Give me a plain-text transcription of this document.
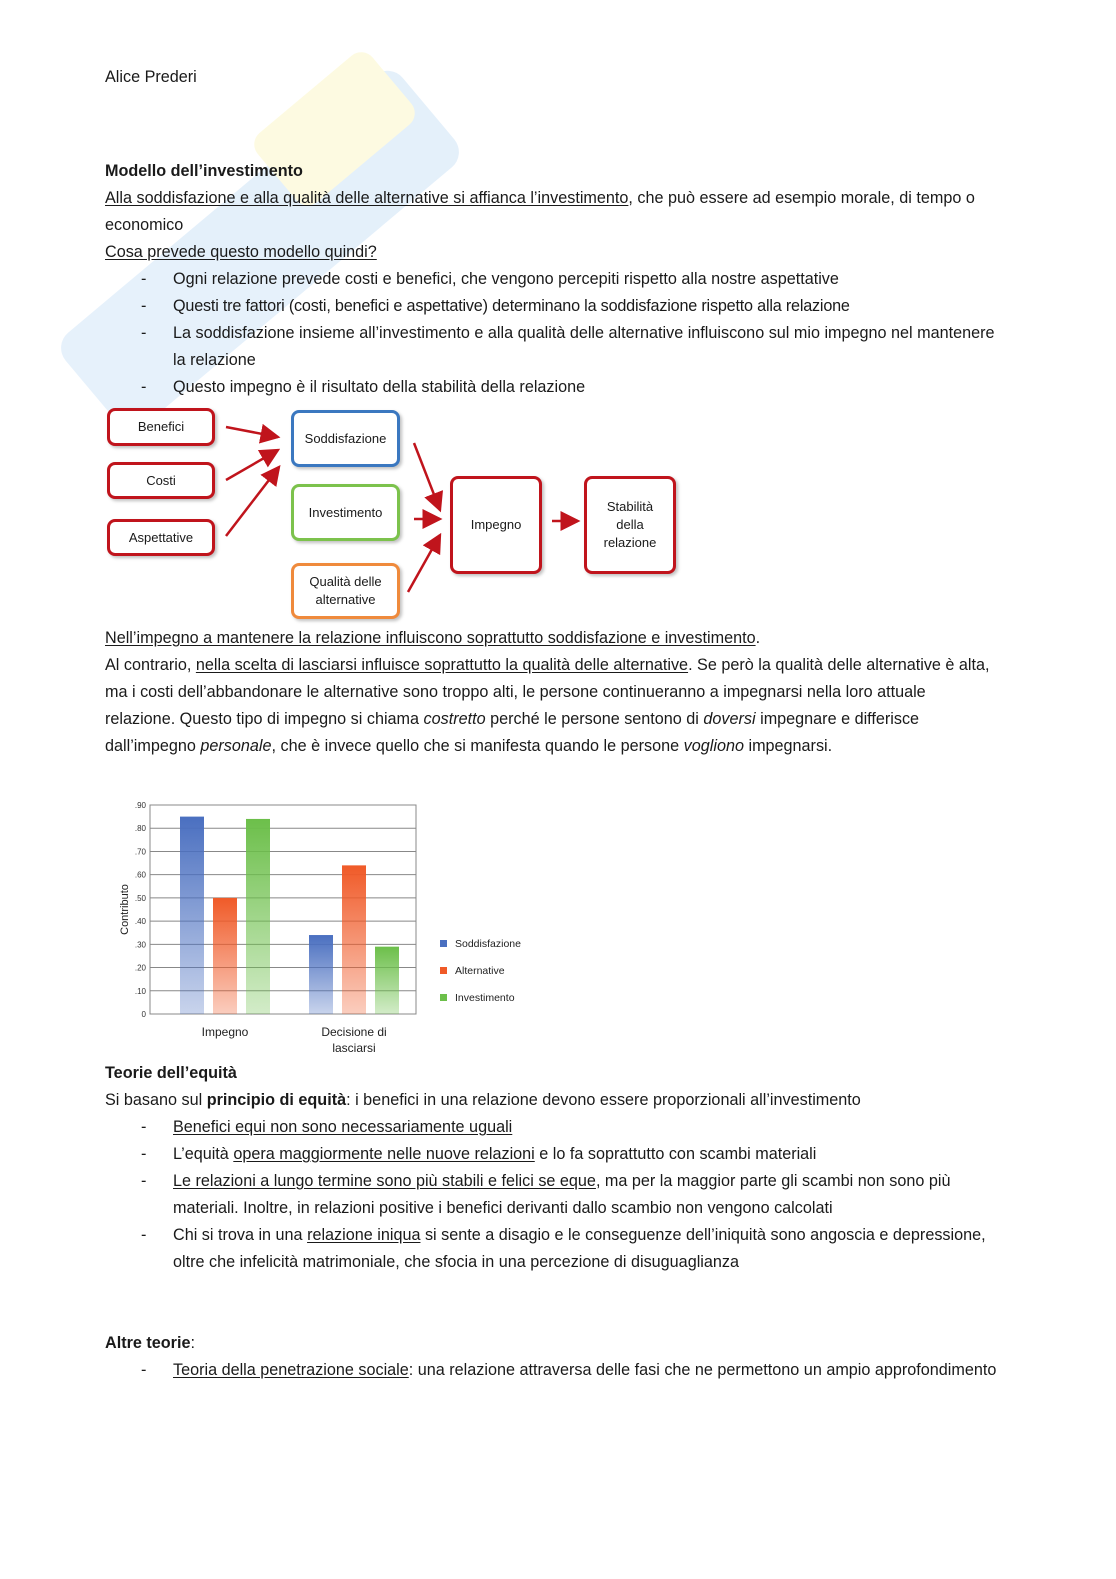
Alice Prederi
Modello dell’investimento
Alla soddisfazione e alla qualità delle alternative si affianca l’investimento, che può essere ad esempio morale, di tempo o economico
Cosa prevede questo modello quindi?
- Ogni relazione prevede costi e benefici, che vengono percepiti rispetto alla nostre aspettative
- Questi tre fattori (costi, benefici e aspettative) determinano la soddisfazione rispetto alla relazione
- La soddisfazione insieme all’investimento e alla qualità delle alternative influiscono sul mio impegno nel mantenere la relazione
- Questo impegno è il risultato della stabilità della relazione
Benefici
Costi
Aspettative
Soddisfazione
Investimento
Qualità delle alternative
Impegno
Stabilità della relazione
Nell’impegno a mantenere la relazione influiscono soprattutto soddisfazione e investimento.
Al contrario, nella scelta di lasciarsi influisce soprattutto la qualità delle alternative. Se però la qualità delle alternative è alta, ma i costi dell’abbandonare le alternative sono troppo alti, le persone continueranno a impegnarsi nella loro attuale relazione. Questo tipo di impegno si chiama costretto perché le persone sentono di doversi impegnare e differisce dall’impegno personale, che è invece quello che si manifesta quando le persone vogliono impegnarsi.
0
.10
.20
.30
.40
.50
.60
.70
.80
.90
Contributo
Impegno	Decisione di
lasciarsi
Soddisfazione
Alternative
Investimento
Teorie dell’equità
Si basano sul principio di equità: i benefici in una relazione devono essere proporzionali all’investimento
- Benefici equi non sono necessariamente uguali
- L’equità opera maggiormente nelle nuove relazioni e lo fa soprattutto con scambi materiali
- Le relazioni a lungo termine sono più stabili e felici se eque, ma per la maggior parte gli scambi non sono più materiali. Inoltre, in relazioni positive i benefici derivanti dallo scambio non vengono calcolati
- Chi si trova in una relazione iniqua si sente a disagio e le conseguenze dell’iniquità sono angoscia e depressione, oltre che infelicità matrimoniale, che sfocia in una percezione di disuguaglianza
Altre teorie:
- Teoria della penetrazione sociale: una relazione attraversa delle fasi che ne permettono un ampio approfondimento
